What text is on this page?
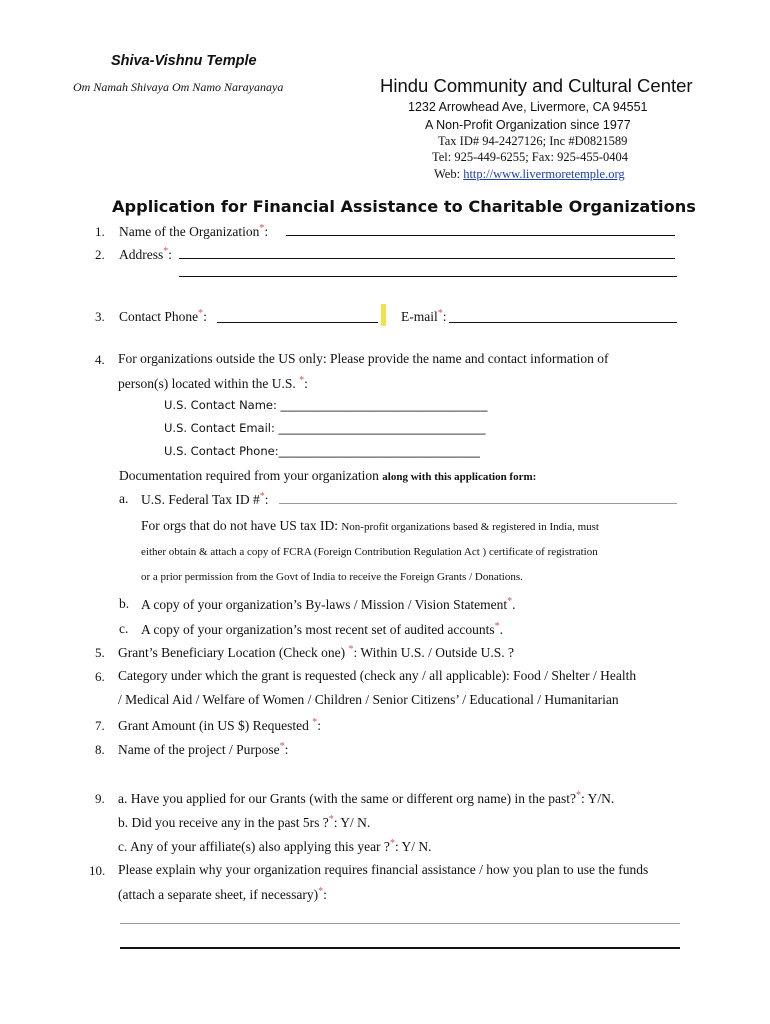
Shiva-Vishnu Temple
Om Namah Shivaya Om Namo Narayanaya	Hindu Community and Cultural Center
1232 Arrowhead Ave, Livermore, CA 94551
A Non-Profit Organization since 1977
Tax ID# 94-2427126; Inc #D0821589
Tel: 925-449-6255; Fax: 925-455-0404
Web: http://www.livermoretemple.org
Application for Financial Assistance to Charitable Organizations
1. Name of the Organization*:
2. Address*:
3. Contact Phone*:	E-mail*:
4. For organizations outside the US only: Please provide the name and contact information of
person(s) located within the U.S. *:
U.S. Contact Name: ____________________________________
U.S. Contact Email: ____________________________________
U.S. Contact Phone:___________________________________
Documentation required from your organization along with this application form:
a. U.S. Federal Tax ID #*:
For orgs that do not have US tax ID: Non-profit organizations based & registered in India, must
either obtain & attach a copy of FCRA (Foreign Contribution Regulation Act ) certificate of registration
or a prior permission from the Govt of India to receive the Foreign Grants / Donations.
b. A copy of your organization’s By-laws / Mission / Vision Statement*.
c. A copy of your organization’s most recent set of audited accounts*.
5. Grant’s Beneficiary Location (Check one) *: Within U.S. / Outside U.S. ?
6. Category under which the grant is requested (check any / all applicable): Food / Shelter / Health
/ Medical Aid / Welfare of Women / Children / Senior Citizens’ / Educational / Humanitarian
7. Grant Amount (in US $) Requested *:
8. Name of the project / Purpose*:
9. a. Have you applied for our Grants (with the same or different org name) in the past?*: Y/N.
b. Did you receive any in the past 5rs ?*: Y/ N.
c. Any of your affiliate(s) also applying this year ?*: Y/ N.
10. Please explain why your organization requires financial assistance / how you plan to use the funds
(attach a separate sheet, if necessary)*:
